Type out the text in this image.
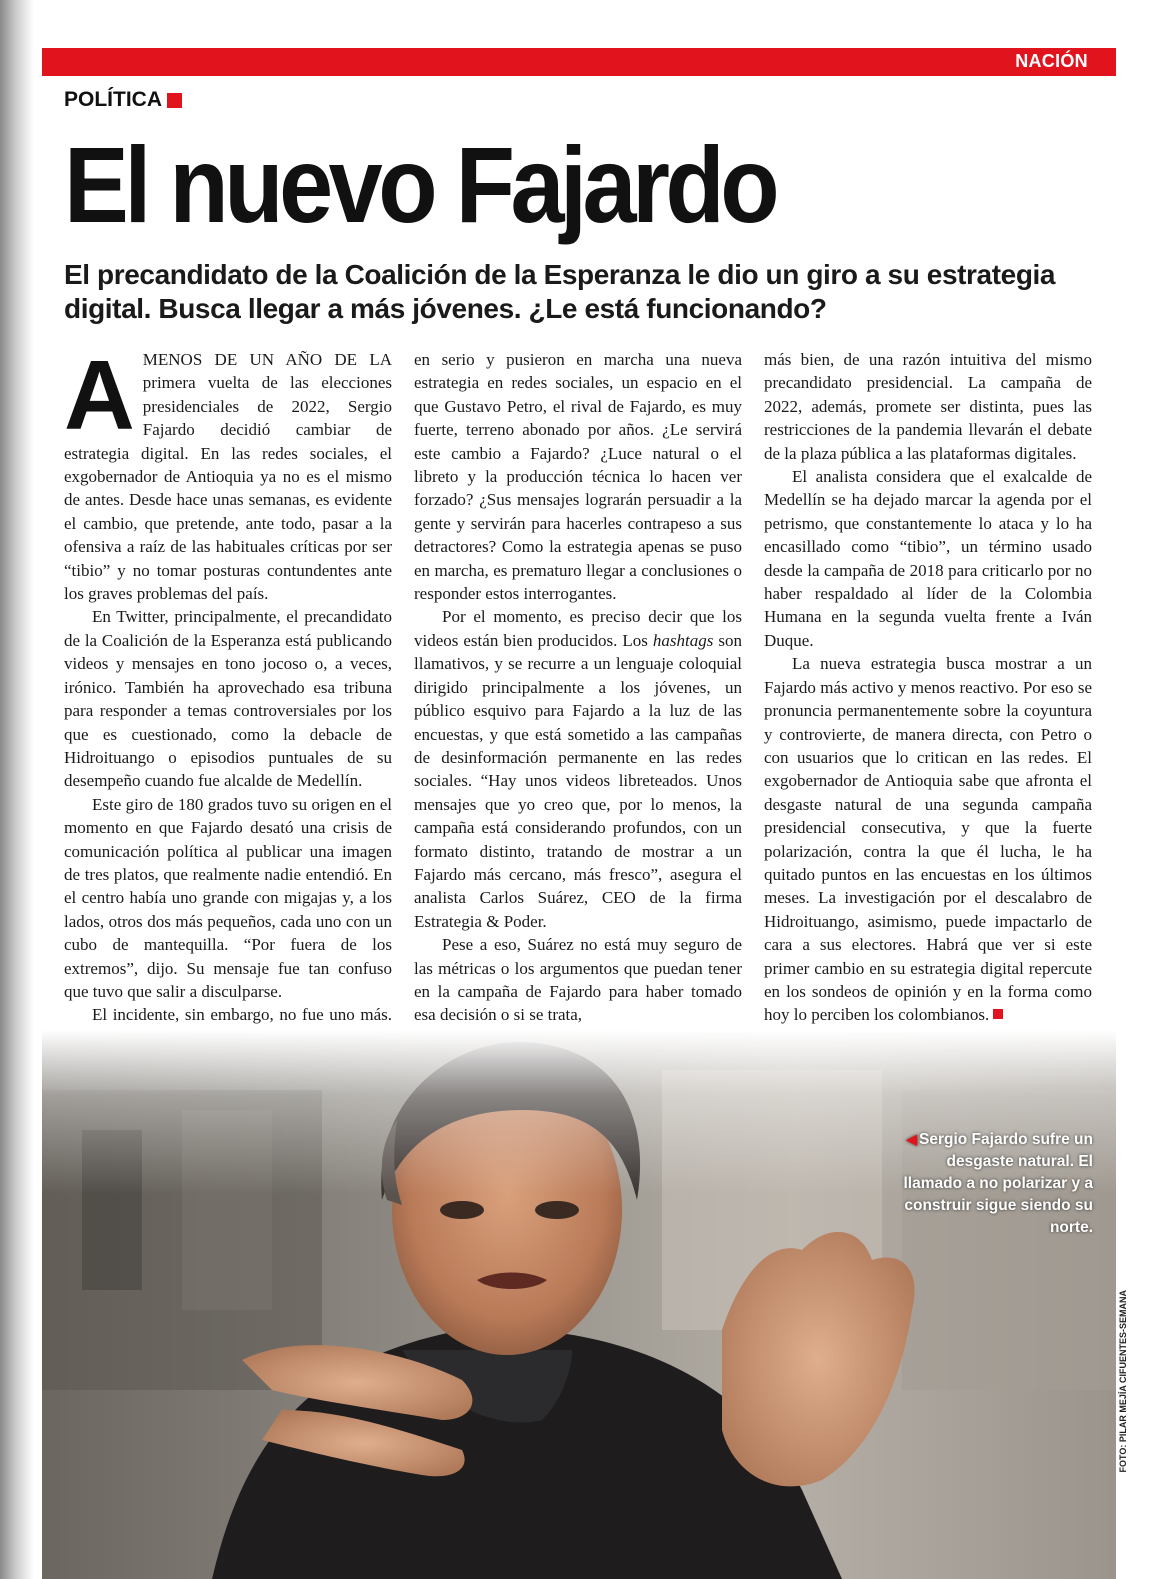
NACIÓN
POLÍTICA
El nuevo Fajardo

El precandidato de la Coalición de la Esperanza le dio un giro a su estrategia digital. Busca llegar a más jóvenes. ¿Le está funcionando?

A MENOS DE UN AÑO DE LA primera vuelta de las elecciones presidenciales de 2022, Sergio Fajardo decidió cambiar de estrategia digital. En las redes sociales, el exgobernador de Antioquia ya no es el mismo de antes. Desde hace unas semanas, es evidente el cambio, que pretende, ante todo, pasar a la ofensiva a raíz de las habituales críticas por ser “tibio” y no tomar posturas contundentes ante los graves problemas del país.

En Twitter, principalmente, el precandidato de la Coalición de la Esperanza está publicando videos y mensajes en tono jocoso o, a veces, irónico. También ha aprovechado esa tribuna para responder a temas controversiales por los que es cuestionado, como la debacle de Hidroituango o episodios puntuales de su desempeño cuando fue alcalde de Medellín.

Este giro de 180 grados tuvo su origen en el momento en que Fajardo desató una crisis de comunicación política al publicar una imagen de tres platos, que realmente nadie entendió. En el centro había uno grande con migajas y, a los lados, otros dos más pequeños, cada uno con un cubo de mantequilla. “Por fuera de los extremos”, dijo. Su mensaje fue tan confuso que tuvo que salir a disculparse.

El incidente, sin embargo, no fue uno más.

en serio y pusieron en marcha una nueva estrategia en redes sociales, un espacio en el que Gustavo Petro, el rival de Fajardo, es muy fuerte, terreno abonado por años. ¿Le servirá este cambio a Fajardo? ¿Luce natural o el libreto y la producción técnica lo hacen ver forzado? ¿Sus mensajes lograrán persuadir a la gente y servirán para hacerles contrapeso a sus detractores? Como la estrategia apenas se puso en marcha, es prematuro llegar a conclusiones o responder estos interrogantes.

Por el momento, es preciso decir que los videos están bien producidos. Los hashtags son llamativos, y se recurre a un lenguaje coloquial dirigido principalmente a los jóvenes, un público esquivo para Fajardo a la luz de las encuestas, y que está sometido a las campañas de desinformación permanente en las redes sociales. “Hay unos videos libreteados. Unos mensajes que yo creo que, por lo menos, la campaña está considerando profundos, con un formato distinto, tratando de mostrar a un Fajardo más cercano, más fresco”, asegura el analista Carlos Suárez, CEO de la firma Estrategia & Poder.

Pese a eso, Suárez no está muy seguro de las métricas o los argumentos que puedan tener en la campaña de Fajardo para haber tomado esa decisión o si se trata,

más bien, de una razón intuitiva del mismo precandidato presidencial. La campaña de 2022, además, promete ser distinta, pues las restricciones de la pandemia llevarán el debate de la plaza pública a las plataformas digitales.

El analista considera que el exalcalde de Medellín se ha dejado marcar la agenda por el petrismo, que constantemente lo ataca y lo ha encasillado como “tibio”, un término usado desde la campaña de 2018 para criticarlo por no haber respaldado al líder de la Colombia Humana en la segunda vuelta frente a Iván Duque.

La nueva estrategia busca mostrar a un Fajardo más activo y menos reactivo. Por eso se pronuncia permanentemente sobre la coyuntura y controvierte, de manera directa, con Petro o con usuarios que lo critican en las redes. El exgobernador de Antioquia sabe que afronta el desgaste natural de una segunda campaña presidencial consecutiva, y que la fuerte polarización, contra la que él lucha, le ha quitado puntos en las encuestas en los últimos meses. La investigación por el descalabro de Hidroituango, asimismo, puede impactarlo de cara a sus electores. Habrá que ver si este primer cambio en su estrategia digital repercute en los sondeos de opinión y en la forma como hoy lo perciben los colombianos.

◀ Sergio Fajardo sufre un desgaste natural. El llamado a no polarizar y a construir sigue siendo su norte.
FOTO: PILAR MEJÍA CIFUENTES-SEMANA
